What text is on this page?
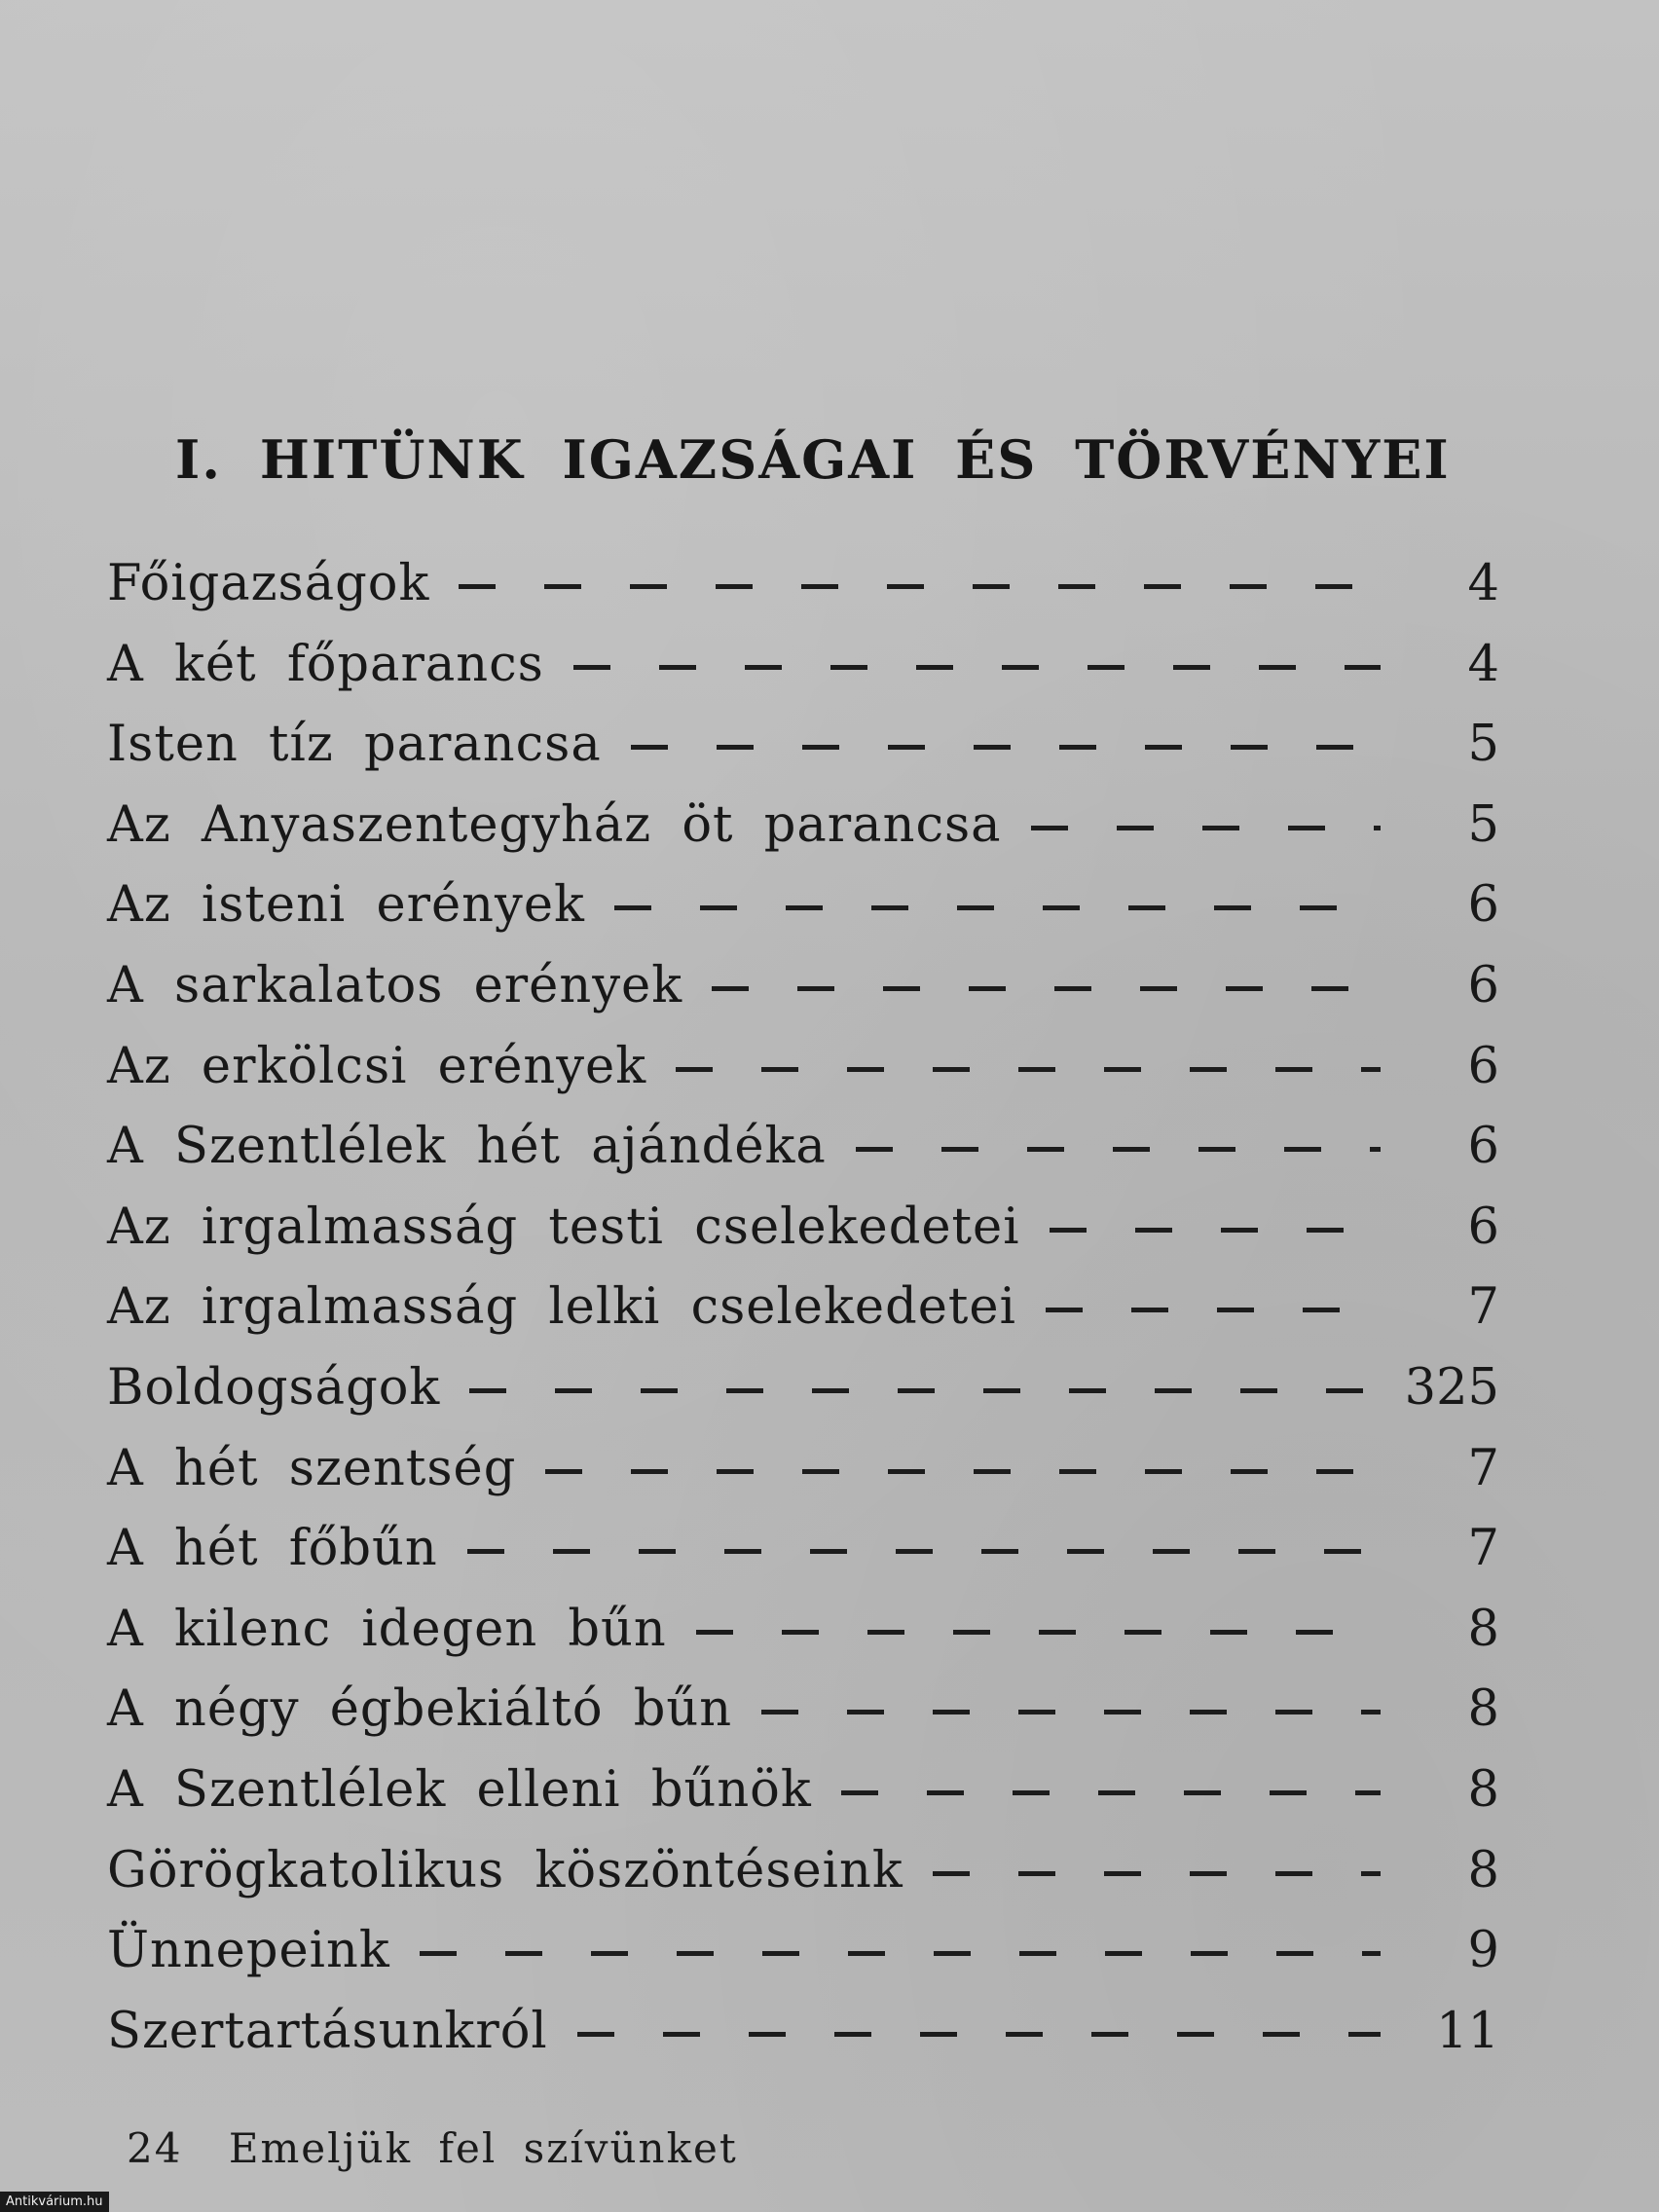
I. HITÜNK IGAZSÁGAI ÉS TÖRVÉNYEI
Főigazságok	4
A két főparancs	4
Isten tíz parancsa	5
Az Anyaszentegyház öt parancsa	5
Az isteni erények	6
A sarkalatos erények	6
Az erkölcsi erények	6
A Szentlélek hét ajándéka	6
Az irgalmasság testi cselekedetei	6
Az irgalmasság lelki cselekedetei	7
Boldogságok	325
A hét szentség	7
A hét főbűn	7
A kilenc idegen bűn	8
A négy égbekiáltó bűn	8
A Szentlélek elleni bűnök	8
Görögkatolikus köszöntéseink	8
Ünnepeink	9
Szertartásunkról	11
24 Emeljük fel szívünket
Antikvárium.hu
